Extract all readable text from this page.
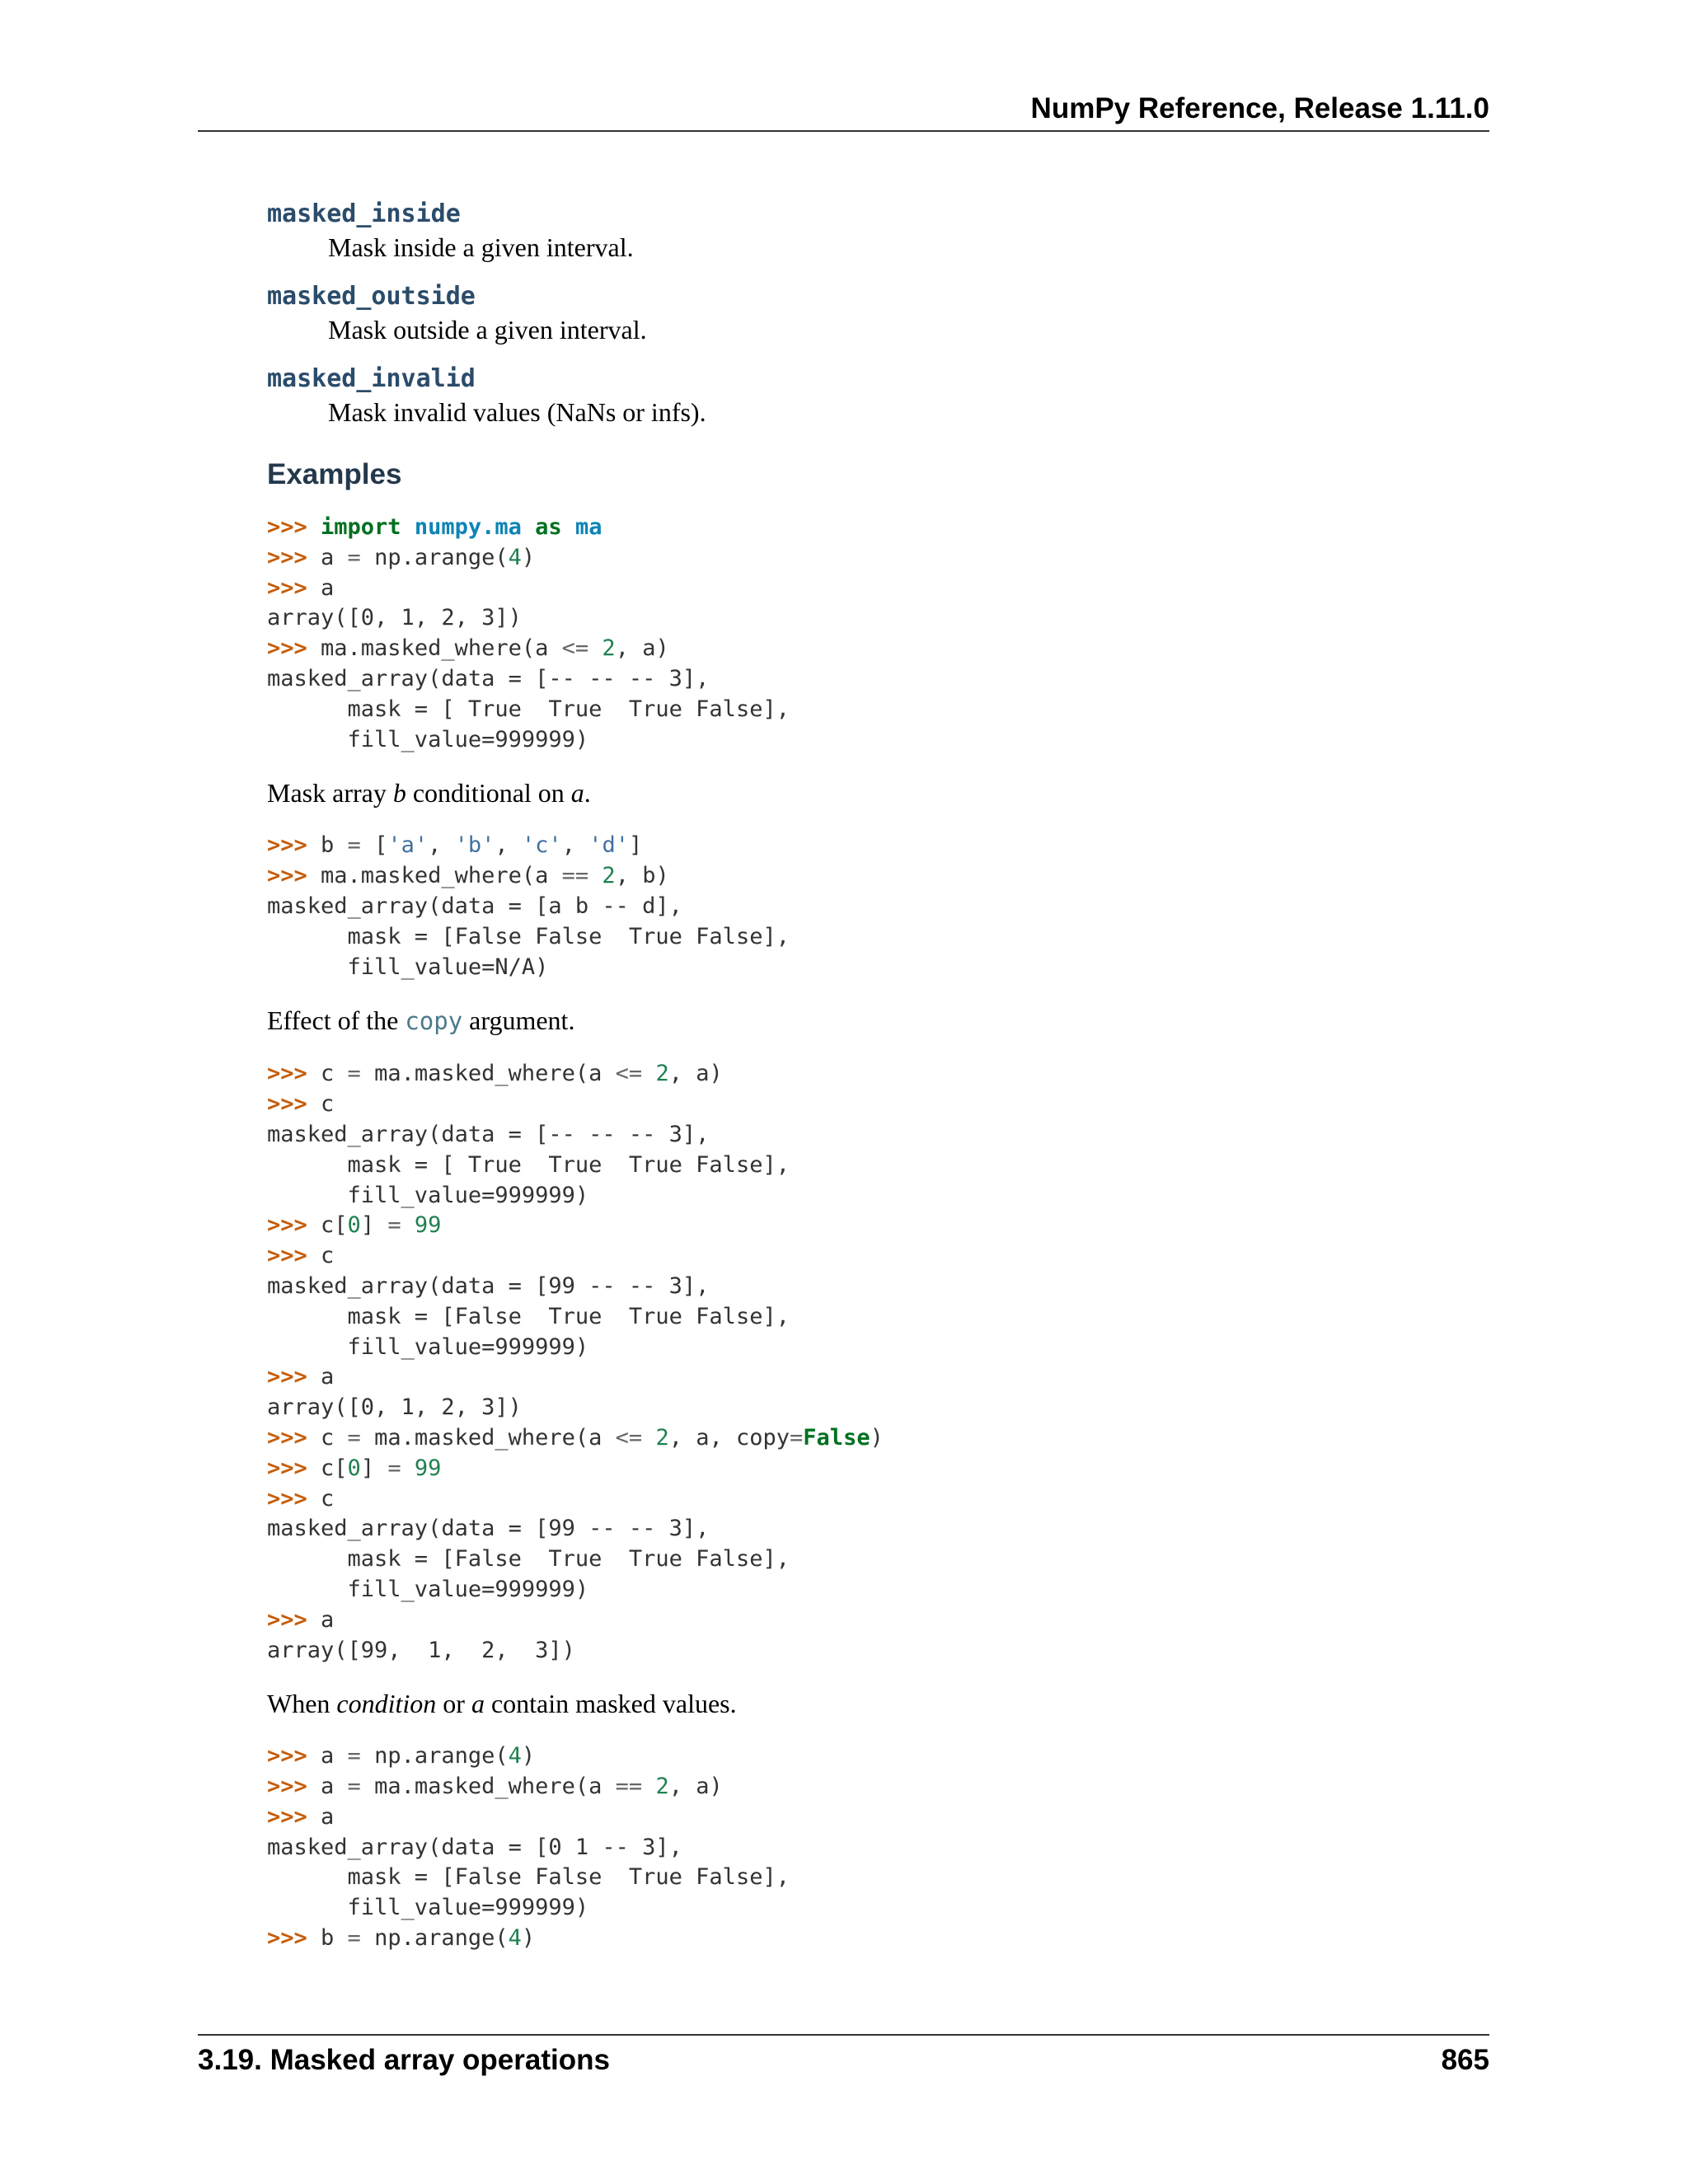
NumPy Reference, Release 1.11.0
masked_inside
Mask inside a given interval.
masked_outside
Mask outside a given interval.
masked_invalid
Mask invalid values (NaNs or infs).
Examples
>>> import numpy.ma as ma
>>> a = np.arange(4)
>>> a
array([0, 1, 2, 3])
>>> ma.masked_where(a <= 2, a)
masked_array(data = [-- -- -- 3],
mask = [ True  True  True False],
fill_value=999999)
Mask array b conditional on a.
>>> b = ['a', 'b', 'c', 'd']
>>> ma.masked_where(a == 2, b)
masked_array(data = [a b -- d],
mask = [False False  True False],
fill_value=N/A)
Effect of the copy argument.
>>> c = ma.masked_where(a <= 2, a)
>>> c
masked_array(data = [-- -- -- 3],
mask = [ True  True  True False],
fill_value=999999)
>>> c[0] = 99
>>> c
masked_array(data = [99 -- -- 3],
mask = [False  True  True False],
fill_value=999999)
>>> a
array([0, 1, 2, 3])
>>> c = ma.masked_where(a <= 2, a, copy=False)
>>> c[0] = 99
>>> c
masked_array(data = [99 -- -- 3],
mask = [False  True  True False],
fill_value=999999)
>>> a
array([99,  1,  2,  3])
When condition or a contain masked values.
>>> a = np.arange(4)
>>> a = ma.masked_where(a == 2, a)
>>> a
masked_array(data = [0 1 -- 3],
mask = [False False  True False],
fill_value=999999)
>>> b = np.arange(4)
3.19. Masked array operations	865
